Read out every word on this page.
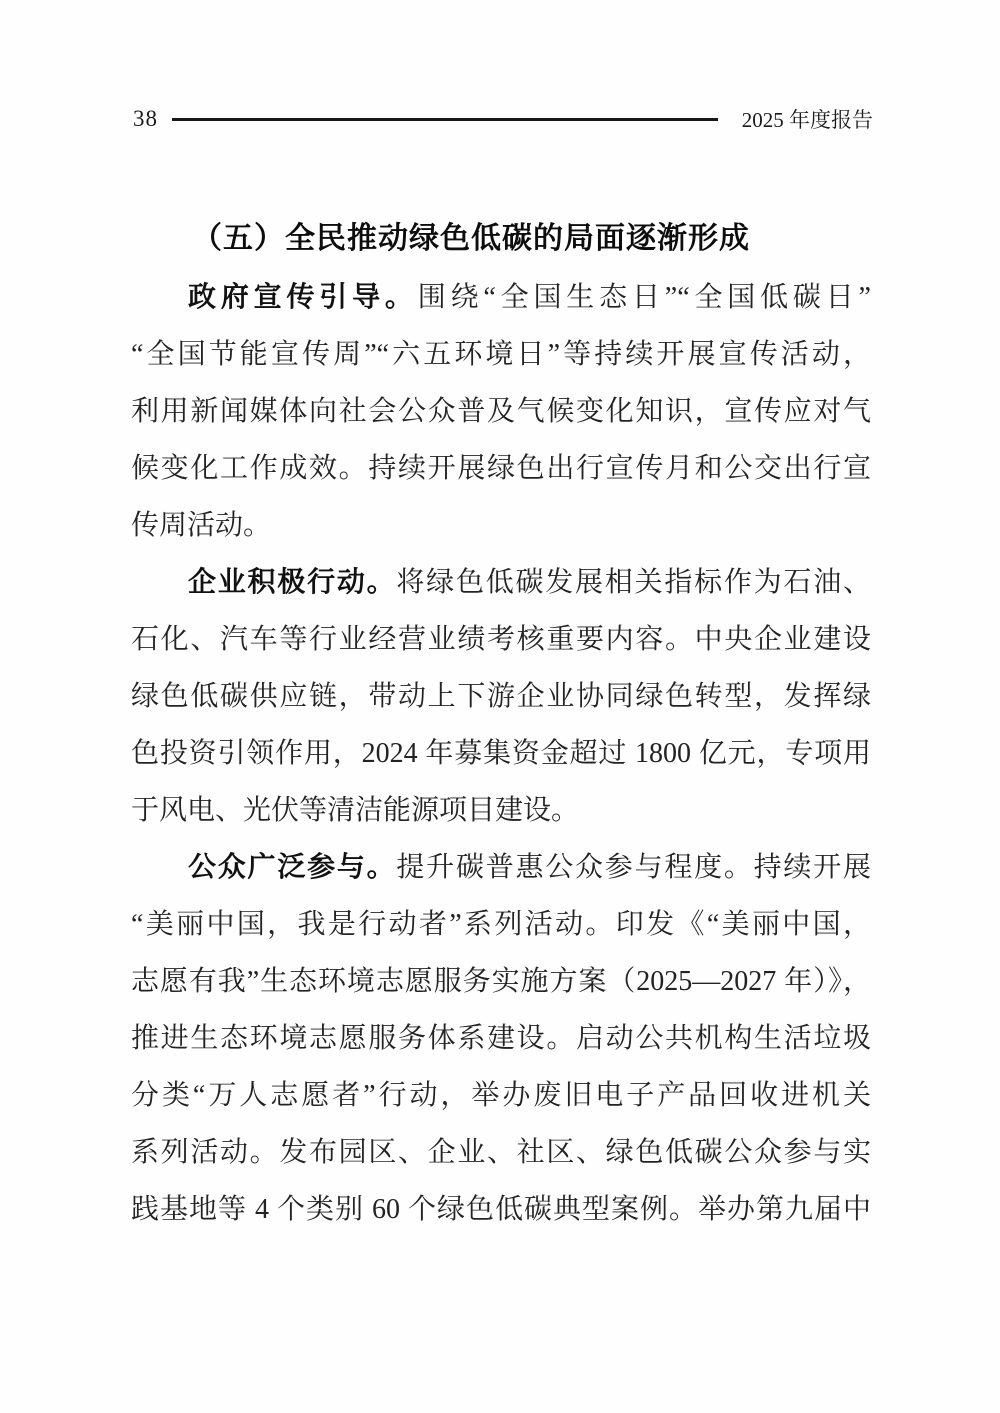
38	2025 年度报告
（五）全民推动绿色低碳的局面逐渐形成
政府宣传引导。围绕“全国生态日”“全国低碳日”
“全国节能宣传周”“六五环境日”等持续开展宣传活动，
利用新闻媒体向社会公众普及气候变化知识，宣传应对气
候变化工作成效。持续开展绿色出行宣传月和公交出行宣
传周活动。
企业积极行动。将绿色低碳发展相关指标作为石油、
石化、汽车等行业经营业绩考核重要内容。中央企业建设
绿色低碳供应链，带动上下游企业协同绿色转型，发挥绿
色投资引领作用，2024 年募集资金超过 1800 亿元，专项用
于风电、光伏等清洁能源项目建设。
公众广泛参与。提升碳普惠公众参与程度。持续开展
“美丽中国，我是行动者”系列活动。印发《“美丽中国，
志愿有我”生态环境志愿服务实施方案（2025—2027 年）》，
推进生态环境志愿服务体系建设。启动公共机构生活垃圾
分类“万人志愿者”行动，举办废旧电子产品回收进机关
系列活动。发布园区、企业、社区、绿色低碳公众参与实
践基地等 4 个类别 60 个绿色低碳典型案例。举办第九届中
